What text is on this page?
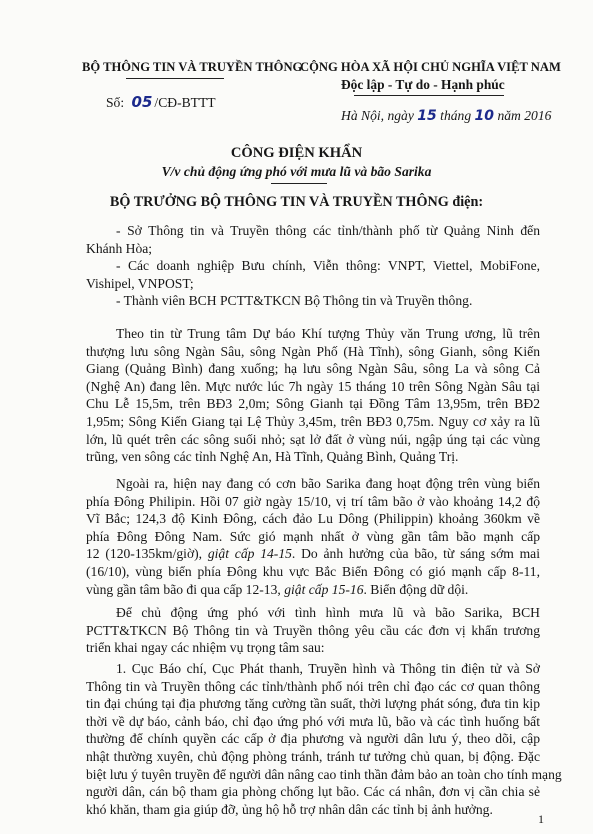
BỘ THÔNG TIN VÀ TRUYỀN THÔNG
Số: 05 /CĐ-BTTT
CỘNG HÒA XÃ HỘI CHỦ NGHĨA VIỆT NAM
Độc lập - Tự do - Hạnh phúc
Hà Nội, ngày 15 tháng 10 năm 2016
CÔNG ĐIỆN KHẨN
V/v chủ động ứng phó với mưa lũ và bão Sarika
BỘ TRƯỞNG BỘ THÔNG TIN VÀ TRUYỀN THÔNG điện:
- Sở Thông tin và Truyền thông các tỉnh/thành phố từ Quảng Ninh đến
Khánh Hòa;
- Các doanh nghiệp Bưu chính, Viễn thông: VNPT, Viettel, MobiFone,
Vishipel, VNPOST;
- Thành viên BCH PCTT&TKCN Bộ Thông tin và Truyền thông.
Theo tin từ Trung tâm Dự báo Khí tượng Thủy văn Trung ương, lũ trên
thượng lưu sông Ngàn Sâu, sông Ngàn Phố (Hà Tĩnh), sông Gianh, sông Kiến
Giang (Quảng Bình) đang xuống; hạ lưu sông Ngàn Sâu, sông La và sông Cả
(Nghệ An) đang lên. Mực nước lúc 7h ngày 15 tháng 10 trên Sông Ngàn Sâu tại
Chu Lễ 15,5m, trên BĐ3 2,0m; Sông Gianh tại Đồng Tâm 13,95m, trên BĐ2
1,95m; Sông Kiến Giang tại Lệ Thủy 3,45m, trên BĐ3 0,75m. Nguy cơ xảy ra lũ
lớn, lũ quét trên các sông suối nhỏ; sạt lở đất ở vùng núi, ngập úng tại các vùng
trũng, ven sông các tỉnh Nghệ An, Hà Tĩnh, Quảng Bình, Quảng Trị.
Ngoài ra, hiện nay đang có cơn bão Sarika đang hoạt động trên vùng biển
phía Đông Philipin. Hồi 07 giờ ngày 15/10, vị trí tâm bão ở vào khoảng 14,2 độ
Vĩ Bắc; 124,3 độ Kinh Đông, cách đảo Lu Dông (Philippin) khoảng 360km về
phía Đông Đông Nam. Sức gió mạnh nhất ở vùng gần tâm bão mạnh cấp
12 (120-135km/giờ), giật cấp 14-15. Do ảnh hưởng của bão, từ sáng sớm mai
(16/10), vùng biển phía Đông khu vực Bắc Biển Đông có gió mạnh cấp 8-11,
vùng gần tâm bão đi qua cấp 12-13, giật cấp 15-16. Biển động dữ dội.
Để chủ động ứng phó với tình hình mưa lũ và bão Sarika, BCH
PCTT&TKCN Bộ Thông tin và Truyền thông yêu cầu các đơn vị khẩn trương
triển khai ngay các nhiệm vụ trọng tâm sau:
1. Cục Báo chí, Cục Phát thanh, Truyền hình và Thông tin điện tử và Sở
Thông tin và Truyền thông các tỉnh/thành phố nói trên chỉ đạo các cơ quan thông
tin đại chúng tại địa phương tăng cường tần suất, thời lượng phát sóng, đưa tin kịp
thời về dự báo, cảnh báo, chỉ đạo ứng phó với mưa lũ, bão và các tình huống bất
thường để chính quyền các cấp ở địa phương và người dân lưu ý, theo dõi, cập
nhật thường xuyên, chủ động phòng tránh, tránh tư tưởng chủ quan, bị động. Đặc
biệt lưu ý tuyên truyền để người dân nâng cao tinh thần đảm bảo an toàn cho tính mạng
người dân, cán bộ tham gia phòng chống lụt bão. Các cá nhân, đơn vị cần chia sẻ
khó khăn, tham gia giúp đỡ, ủng hộ hỗ trợ nhân dân các tỉnh bị ảnh hưởng.
1
